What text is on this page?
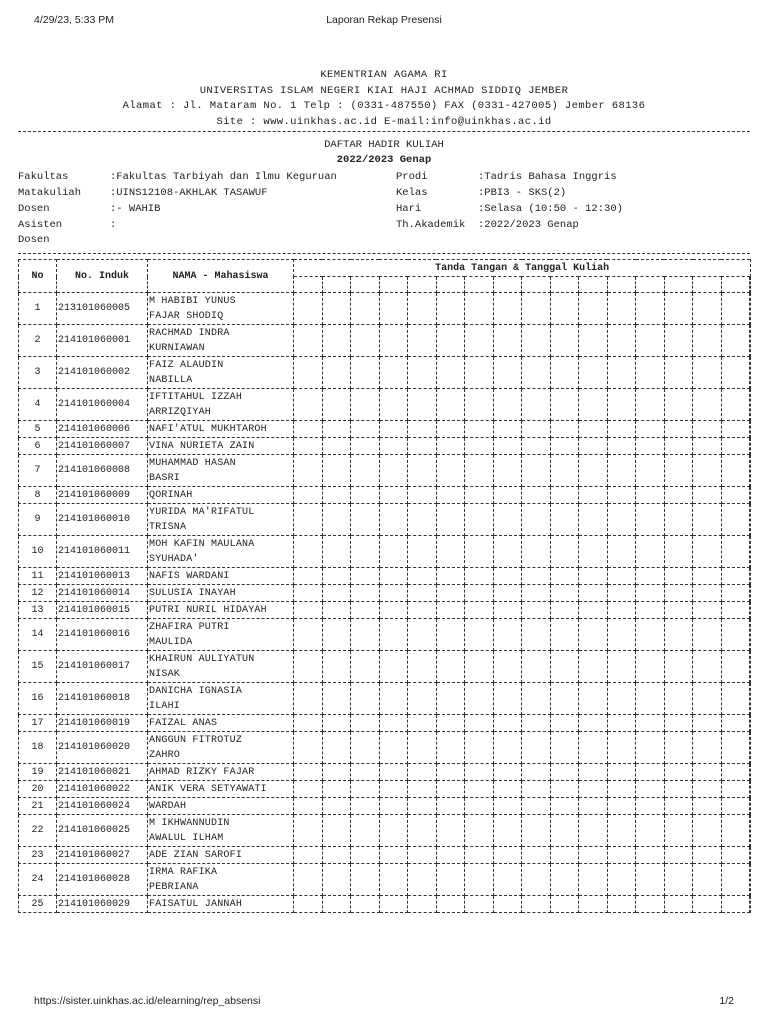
4/29/23, 5:33 PM	Laporan Rekap Presensi
KEMENTRIAN AGAMA RI
UNIVERSITAS ISLAM NEGERI KIAI HAJI ACHMAD SIDDIQ JEMBER
Alamat : Jl. Mataram No. 1 Telp : (0331-487550) FAX (0331-427005) Jember 68136
Site : www.uinkhas.ac.id E-mail:info@uinkhas.ac.id
DAFTAR HADIR KULIAH
2022/2023 Genap
Fakultas	:Fakultas Tarbiyah dan Ilmu Keguruan
Matakuliah	:UINS12108-AKHLAK TASAWUF
Dosen	:- WAHIB
Asisten	:
Dosen
Prodi	:Tadris Bahasa Inggris
Kelas	:PBI3 - SKS(2)
Hari	:Selasa (10:50 - 12:30)
Th.Akademik :2022/2023 Genap
No	No. Induk	NAMA - Mahasiswa	Tanda Tangan & Tanggal Kuliah																

1	213101060005	M HABIBI YUNUS
FAJAR SHODIQ																	

2	214101060001	RACHMAD INDRA
KURNIAWAN																	

3	214101060002	FAIZ ALAUDIN
NABILLA																	

4	214101060004	IFTITAHUL IZZAH
ARRIZQIYAH																	

5	214101060006	NAFI'ATUL MUKHTAROH																	

6	214101060007	VINA NURIETA ZAIN																	

7	214101060008	MUHAMMAD HASAN
BASRI																	

8	214101060009	QORINAH																	

9	214101060010	YURIDA MA'RIFATUL
TRISNA																	

10	214101060011	MOH KAFIN MAULANA
SYUHADA'																	

11	214101060013	NAFIS WARDANI																	

12	214101060014	SULUSIA INAYAH																	

13	214101060015	PUTRI NURIL HIDAYAH																	

14	214101060016	ZHAFIRA PUTRI
MAULIDA																	

15	214101060017	KHAIRUN AULIYATUN
NISAK																	

16	214101060018	DANICHA IGNASIA
ILAHI																	

17	214101060019	FAIZAL ANAS																	

18	214101060020	ANGGUN FITROTUZ
ZAHRO																	

19	214101060021	AHMAD RIZKY FAJAR																	

20	214101060022	ANIK VERA SETYAWATI																	

21	214101060024	WARDAH																	

22	214101060025	M IKHWANNUDIN
AWALUL ILHAM																	

23	214101060027	ADE ZIAN SAROFI																	

24	214101060028	IRMA RAFIKA
PEBRIANA																	

25	214101060029	FAISATUL JANNAH																	

https://sister.uinkhas.ac.id/elearning/rep_absensi	1/2
